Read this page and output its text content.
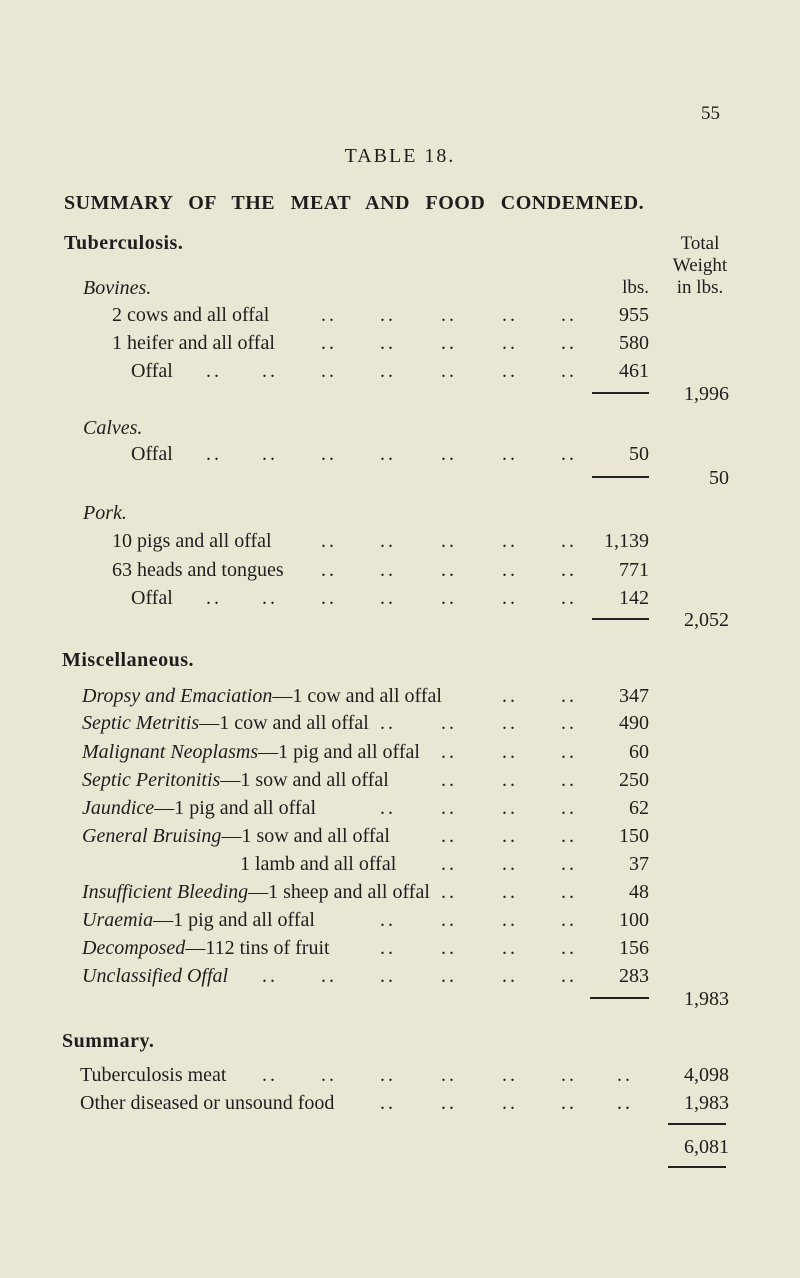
55
TABLE 18.
SUMMARY OF THE MEAT AND FOOD CONDEMNED.
Tuberculosis.	Total
Weight
in lbs.
lbs.
Bovines.
2 cows and all offal	955
.. .. .. .. ..
1 heifer and all offal	580
.. .. .. .. ..
Offal	461
.. .. .. .. .. .. ..
1,996
Calves.
Offal	50
.. .. .. .. .. .. ..
50
Pork.
10 pigs and all offal	1,139
.. .. .. .. ..
63 heads and tongues	771
.. .. .. .. ..
Offal	142
.. .. .. .. .. .. ..
2,052
Miscellaneous.
Dropsy and Emaciation—1 cow and all offal	347
.. ..
Septic Metritis—1 cow and all offal	490
.. .. .. ..
Malignant Neoplasms—1 pig and all offal	60
.. .. ..
Septic Peritonitis—1 sow and all offal	250
.. .. ..
Jaundice—1 pig and all offal	62
.. .. .. ..
General Bruising—1 sow and all offal	150
.. .. ..
1 lamb and all offal	37
.. .. ..
Insufficient Bleeding—1 sheep and all offal	48
.. .. ..
Uraemia—1 pig and all offal	100
.. .. .. ..
Decomposed—112 tins of fruit	156
.. .. .. ..
Unclassified Offal	283
.. .. .. .. .. ..
1,983
Summary.
Tuberculosis meat	4,098
.. .. .. .. .. .. ..
Other diseased or unsound food	1,983
.. .. .. .. ..
6,081
